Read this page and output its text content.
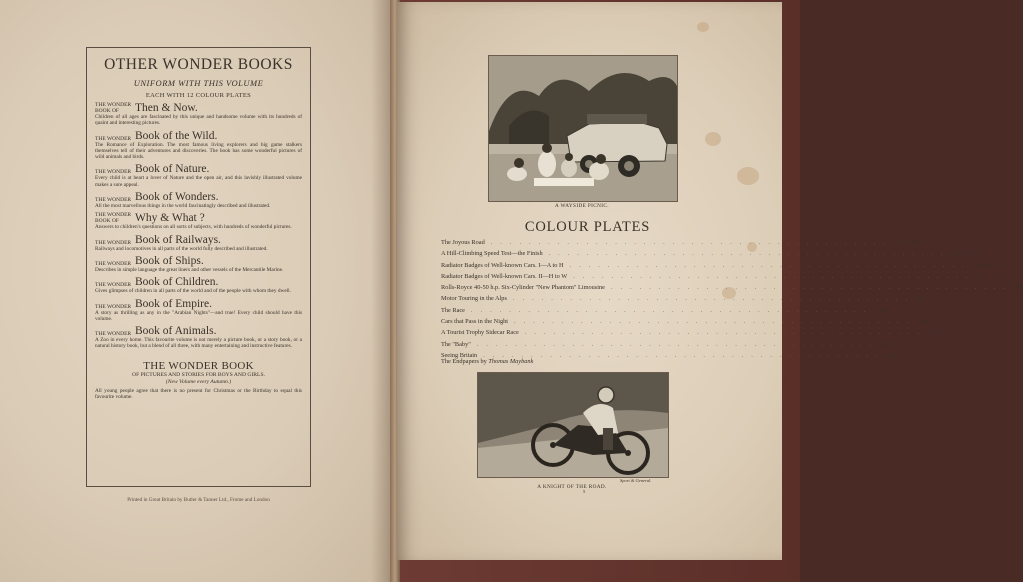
OTHER WONDER BOOKS
UNIFORM WITH THIS VOLUME
EACH WITH 12 COLOUR PLATES
THE WONDER BOOK OF	Then & Now.
Children of all ages are fascinated by this unique and handsome volume with its hundreds of quaint and interesting pictures.
THE WONDER Book of the Wild.
The Romance of Exploration. The most famous living explorers and big game stalkers themselves tell of their adventures and discoveries. The book has some wonderful pictures of wild animals and birds.
THE WONDER Book of Nature.
Every child is at heart a lover of Nature and the open air, and this lavishly illustrated volume makes a sure appeal.
THE WONDER Book of Wonders.
All the most marvellous things in the world fascinatingly described and illustrated.
THE WONDER BOOK OF	Why & What ?
Answers to children's questions on all sorts of subjects, with hundreds of wonderful pictures.
THE WONDER Book of Railways.
Railways and locomotives in all parts of the world fully described and illustrated.
THE WONDER Book of Ships.
Describes in simple language the great liners and other vessels of the Mercantile Marine.
THE WONDER Book of Children.
Gives glimpses of children in all parts of the world and of the people with whom they dwell.
THE WONDER Book of Empire.
A story as thrilling as any in the "Arabian Nights"—and true! Every child should have this volume.
THE WONDER Book of Animals.
A Zoo in every home. This favourite volume is not merely a picture book, or a story book, or a natural history book, but a blend of all three, with many entertaining and instructive features.
THE WONDER BOOK
OF PICTURES AND STORIES FOR BOYS AND GIRLS.
(New Volume every Autumn.)
All young people agree that there is no present for Christmas or the Birthday to equal this favourite volume.
Printed in Great Britain by Butler & Tanner Ltd., Frome and London
A WAYSIDE PICNIC.
COLOUR PLATES
The Joyous Road .......................................... Front Cover
A Hill-Climbing Speed Test—the Finish .......................................... Frontispiece
Radiator Badges of Well-known Cars. I—A to H .......................................... Faces p. 16
Radiator Badges of Well-known Cars. II—H to W .......................................... ,, 32
Rolls-Royce 40-50 h.p. Six-Cylinder "New Phantom" Limousine .......................................... ,, 48
Motor Touring in the Alps .......................................... ,, 64
The Race .......................................... ,, 128
Cars that Pass in the Night .......................................... ,, 160
A Tourist Trophy Sidecar Race .......................................... ,, 176
The "Baby" .......................................... ,, 208
Seeing Britain .......................................... ,, 224
The Endpapers by Thomas Maybank
Sport & General.
A KNIGHT OF THE ROAD.
5
